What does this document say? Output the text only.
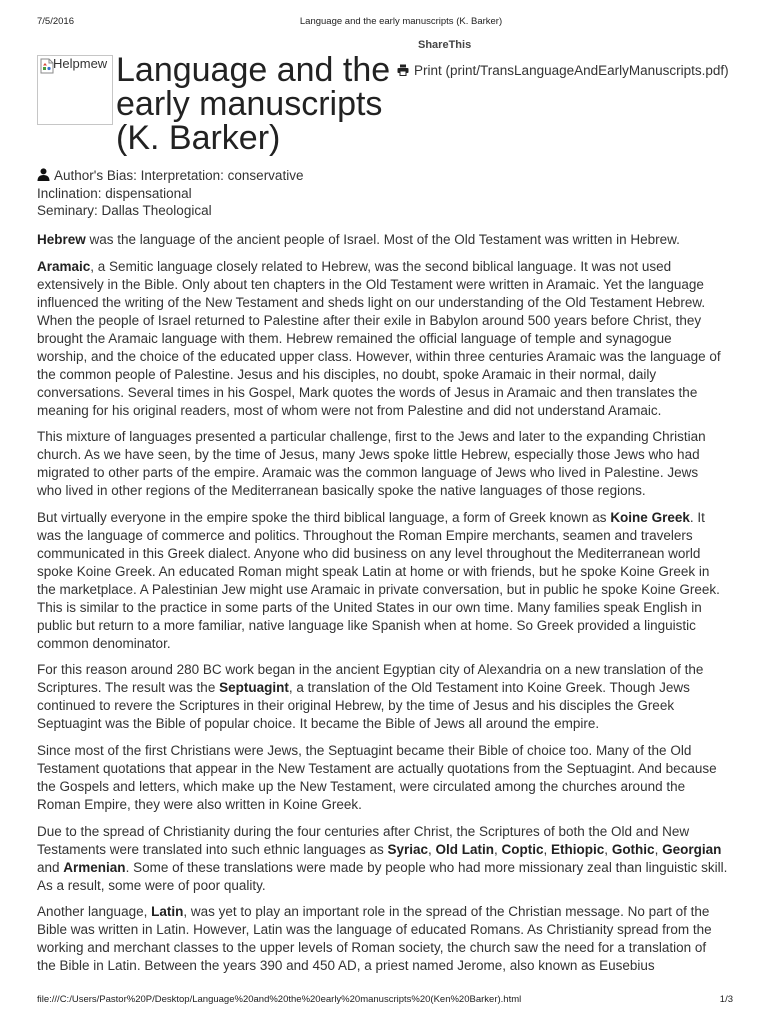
7/5/2016	Language and the early manuscripts (K. Barker)
ShareThis
Helpmew Language and the early manuscripts (K. Barker)
Print (print/TransLanguageAndEarlyManuscripts.pdf)
Author's Bias: Interpretation: conservative
Inclination: dispensational
Seminary: Dallas Theological

Hebrew was the language of the ancient people of Israel. Most of the Old Testament was written in Hebrew.

Aramaic, a Semitic language closely related to Hebrew, was the second biblical language. It was not used
extensively in the Bible. Only about ten chapters in the Old Testament were written in Aramaic. Yet the language
influenced the writing of the New Testament and sheds light on our understanding of the Old Testament Hebrew.
When the people of Israel returned to Palestine after their exile in Babylon around 500 years before Christ, they
brought the Aramaic language with them. Hebrew remained the official language of temple and synagogue
worship, and the choice of the educated upper class. However, within three centuries Aramaic was the language of
the common people of Palestine. Jesus and his disciples, no doubt, spoke Aramaic in their normal, daily
conversations. Several times in his Gospel, Mark quotes the words of Jesus in Aramaic and then translates the
meaning for his original readers, most of whom were not from Palestine and did not understand Aramaic.

This mixture of languages presented a particular challenge, first to the Jews and later to the expanding Christian
church. As we have seen, by the time of Jesus, many Jews spoke little Hebrew, especially those Jews who had
migrated to other parts of the empire. Aramaic was the common language of Jews who lived in Palestine. Jews
who lived in other regions of the Mediterranean basically spoke the native languages of those regions.

But virtually everyone in the empire spoke the third biblical language, a form of Greek known as Koine Greek. It
was the language of commerce and politics. Throughout the Roman Empire merchants, seamen and travelers
communicated in this Greek dialect. Anyone who did business on any level throughout the Mediterranean world
spoke Koine Greek. An educated Roman might speak Latin at home or with friends, but he spoke Koine Greek in
the marketplace. A Palestinian Jew might use Aramaic in private conversation, but in public he spoke Koine Greek.
This is similar to the practice in some parts of the United States in our own time. Many families speak English in
public but return to a more familiar, native language like Spanish when at home. So Greek provided a linguistic
common denominator.

For this reason around 280 BC work began in the ancient Egyptian city of Alexandria on a new translation of the
Scriptures. The result was the Septuagint, a translation of the Old Testament into Koine Greek. Though Jews
continued to revere the Scriptures in their original Hebrew, by the time of Jesus and his disciples the Greek
Septuagint was the Bible of popular choice. It became the Bible of Jews all around the empire.

Since most of the first Christians were Jews, the Septuagint became their Bible of choice too. Many of the Old
Testament quotations that appear in the New Testament are actually quotations from the Septuagint. And because
the Gospels and letters, which make up the New Testament, were circulated among the churches around the
Roman Empire, they were also written in Koine Greek.

Due to the spread of Christianity during the four centuries after Christ, the Scriptures of both the Old and New
Testaments were translated into such ethnic languages as Syriac, Old Latin, Coptic, Ethiopic, Gothic, Georgian
and Armenian. Some of these translations were made by people who had more missionary zeal than linguistic skill.
As a result, some were of poor quality.

Another language, Latin, was yet to play an important role in the spread of the Christian message. No part of the
Bible was written in Latin. However, Latin was the language of educated Romans. As Christianity spread from the
working and merchant classes to the upper levels of Roman society, the church saw the need for a translation of
the Bible in Latin. Between the years 390 and 450 AD, a priest named Jerome, also known as Eusebius

file:///C:/Users/Pastor%20P/Desktop/Language%20and%20the%20early%20manuscripts%20(Ken%20Barker).html	1/3
